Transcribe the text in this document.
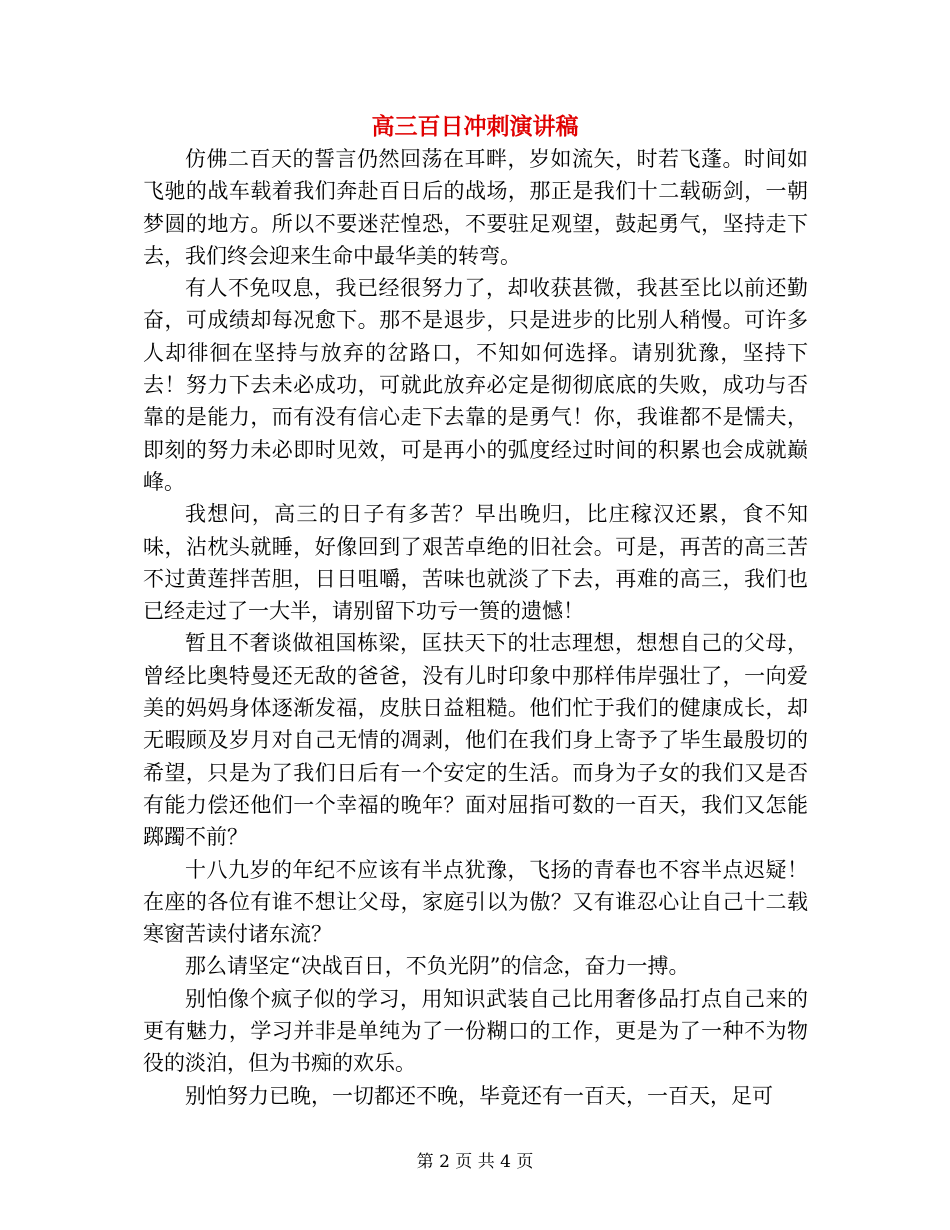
高三百日冲刺演讲稿

仿佛二百天的誓言仍然回荡在耳畔，岁如流矢，时若飞蓬。时间如飞驰的战车载着我们奔赴百日后的战场，那正是我们十二载砺剑，一朝梦圆的地方。所以不要迷茫惶恐，不要驻足观望，鼓起勇气，坚持走下去，我们终会迎来生命中最华美的转弯。

有人不免叹息，我已经很努力了，却收获甚微，我甚至比以前还勤奋，可成绩却每况愈下。那不是退步，只是进步的比别人稍慢。可许多人却徘徊在坚持与放弃的岔路口，不知如何选择。请别犹豫，坚持下去！努力下去未必成功，可就此放弃必定是彻彻底底的失败，成功与否靠的是能力，而有没有信心走下去靠的是勇气！你，我谁都不是懦夫，即刻的努力未必即时见效，可是再小的弧度经过时间的积累也会成就巅峰。

我想问，高三的日子有多苦？早出晚归，比庄稼汉还累，食不知味，沾枕头就睡，好像回到了艰苦卓绝的旧社会。可是，再苦的高三苦不过黄莲拌苦胆，日日咀嚼，苦味也就淡了下去，再难的高三，我们也已经走过了一大半，请别留下功亏一篑的遗憾！

暂且不奢谈做祖国栋梁，匡扶天下的壮志理想，想想自己的父母，曾经比奥特曼还无敌的爸爸，没有儿时印象中那样伟岸强壮了，一向爱美的妈妈身体逐渐发福，皮肤日益粗糙。他们忙于我们的健康成长，却无暇顾及岁月对自己无情的凋剥，他们在我们身上寄予了毕生最殷切的希望，只是为了我们日后有一个安定的生活。而身为子女的我们又是否有能力偿还他们一个幸福的晚年？面对屈指可数的一百天，我们又怎能踯躅不前？

十八九岁的年纪不应该有半点犹豫，飞扬的青春也不容半点迟疑！在座的各位有谁不想让父母，家庭引以为傲？又有谁忍心让自己十二载寒窗苦读付诸东流？

那么请坚定“决战百日，不负光阴”的信念，奋力一搏。

别怕像个疯子似的学习，用知识武装自己比用奢侈品打点自己来的更有魅力，学习并非是单纯为了一份糊口的工作，更是为了一种不为物役的淡泊，但为书痴的欢乐。

别怕努力已晚，一切都还不晚，毕竟还有一百天，一百天，足可

第 2 页 共 4 页
